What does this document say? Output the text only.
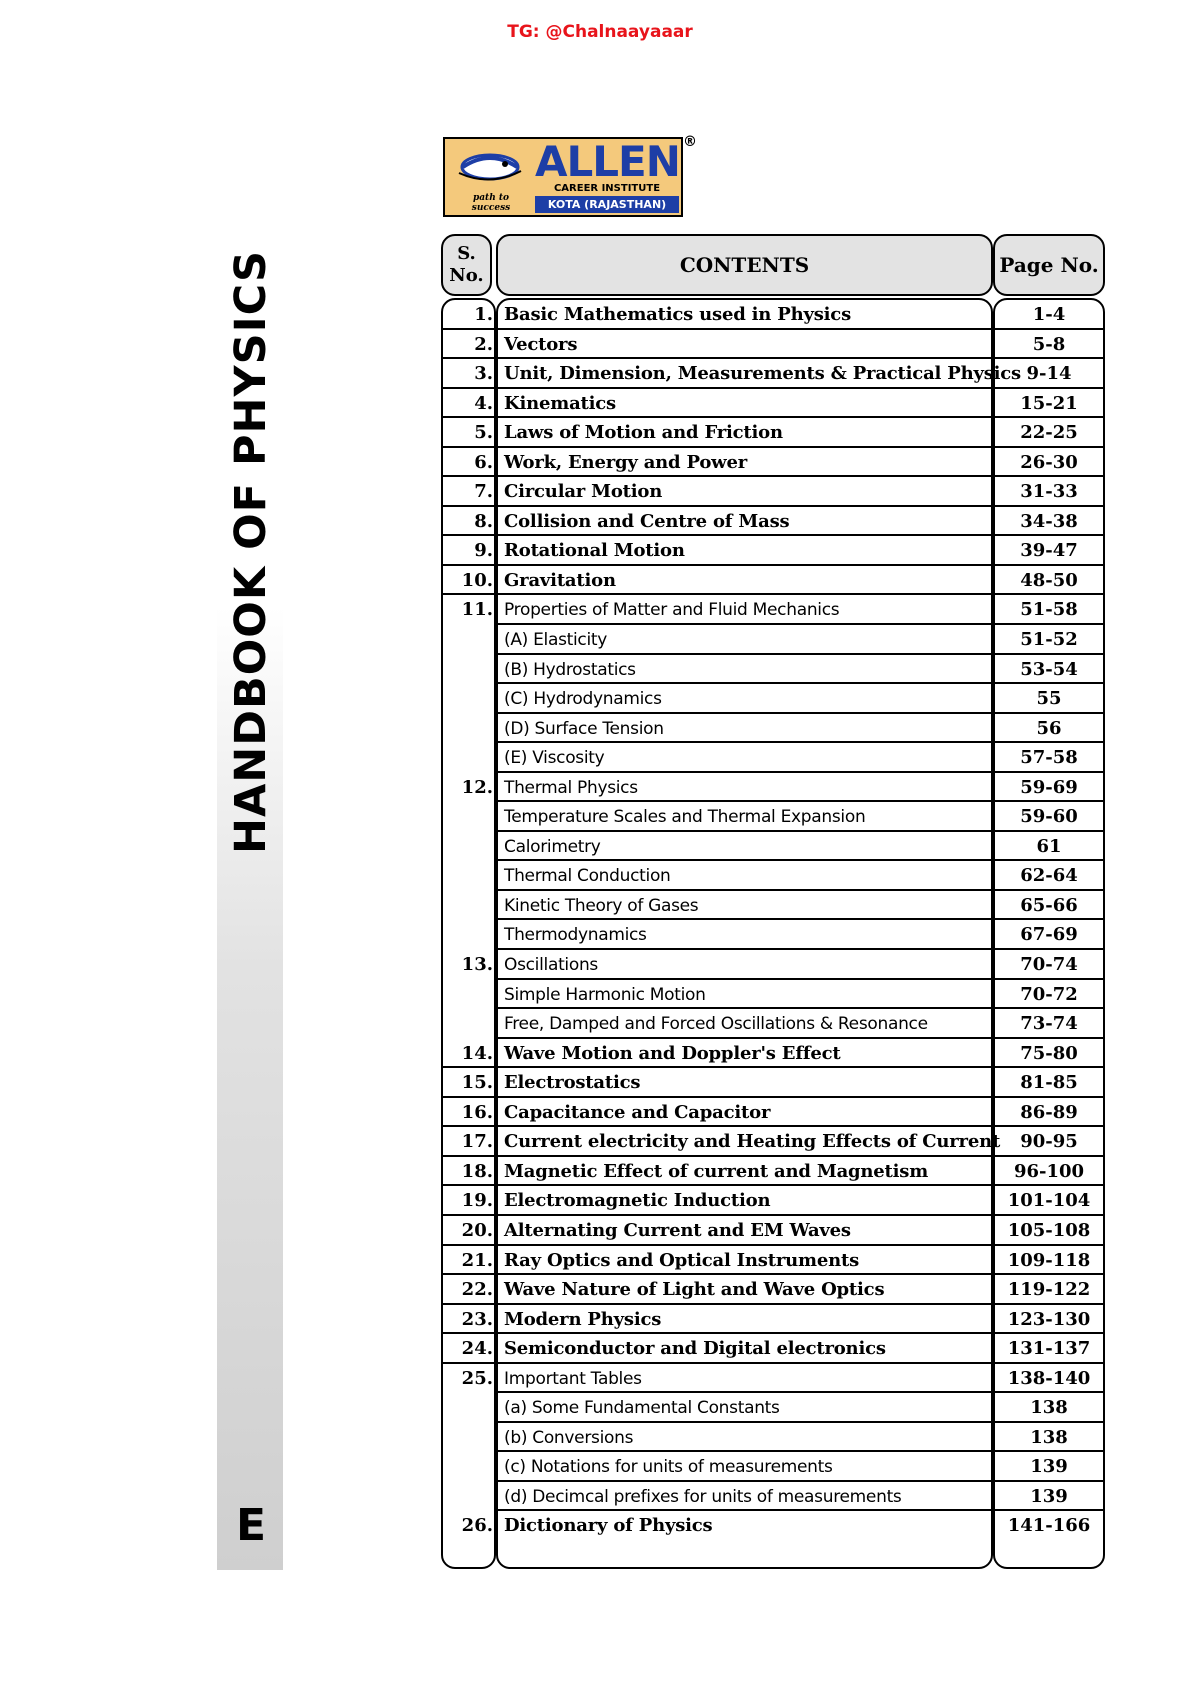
TG: @Chalnaayaaar
HANDBOOK OF PHYSICS
E
path to success
ALLEN
CAREER INSTITUTE
KOTA (RAJASTHAN)
®
S. No.	CONTENTS	Page No.
1. Basic Mathematics used in Physics	1-4
2. Vectors	5-8
3. Unit, Dimension, Measurements & Practical Physics 9-14
4. Kinematics	15-21
5. Laws of Motion and Friction	22-25
6. Work, Energy and Power	26-30
7. Circular Motion	31-33
8. Collision and Centre of Mass	34-38
9. Rotational Motion	39-47
10. Gravitation	48-50
11. Properties of Matter and Fluid Mechanics	51-58
(A) Elasticity	51-52
(B) Hydrostatics	53-54
(C) Hydrodynamics	55
(D) Surface Tension	56
(E) Viscosity	57-58
12. Thermal Physics	59-69
Temperature Scales and Thermal Expansion	59-60
Calorimetry	61
Thermal Conduction	62-64
Kinetic Theory of Gases	65-66
Thermodynamics	67-69
13. Oscillations	70-74
Simple Harmonic Motion	70-72
Free, Damped and Forced Oscillations & Resonance	73-74
14. Wave Motion and Doppler's Effect	75-80
15. Electrostatics	81-85
16. Capacitance and Capacitor	86-89
17. Current electricity and Heating Effects of Current	90-95
18. Magnetic Effect of current and Magnetism	96-100
19. Electromagnetic Induction	101-104
20. Alternating Current and EM Waves	105-108
21. Ray Optics and Optical Instruments	109-118
22. Wave Nature of Light and Wave Optics	119-122
23. Modern Physics	123-130
24. Semiconductor and Digital electronics	131-137
25. Important Tables	138-140
(a) Some Fundamental Constants	138
(b) Conversions	138
(c) Notations for units of measurements	139
(d) Decimcal prefixes for units of measurements	139
26. Dictionary of Physics	141-166
